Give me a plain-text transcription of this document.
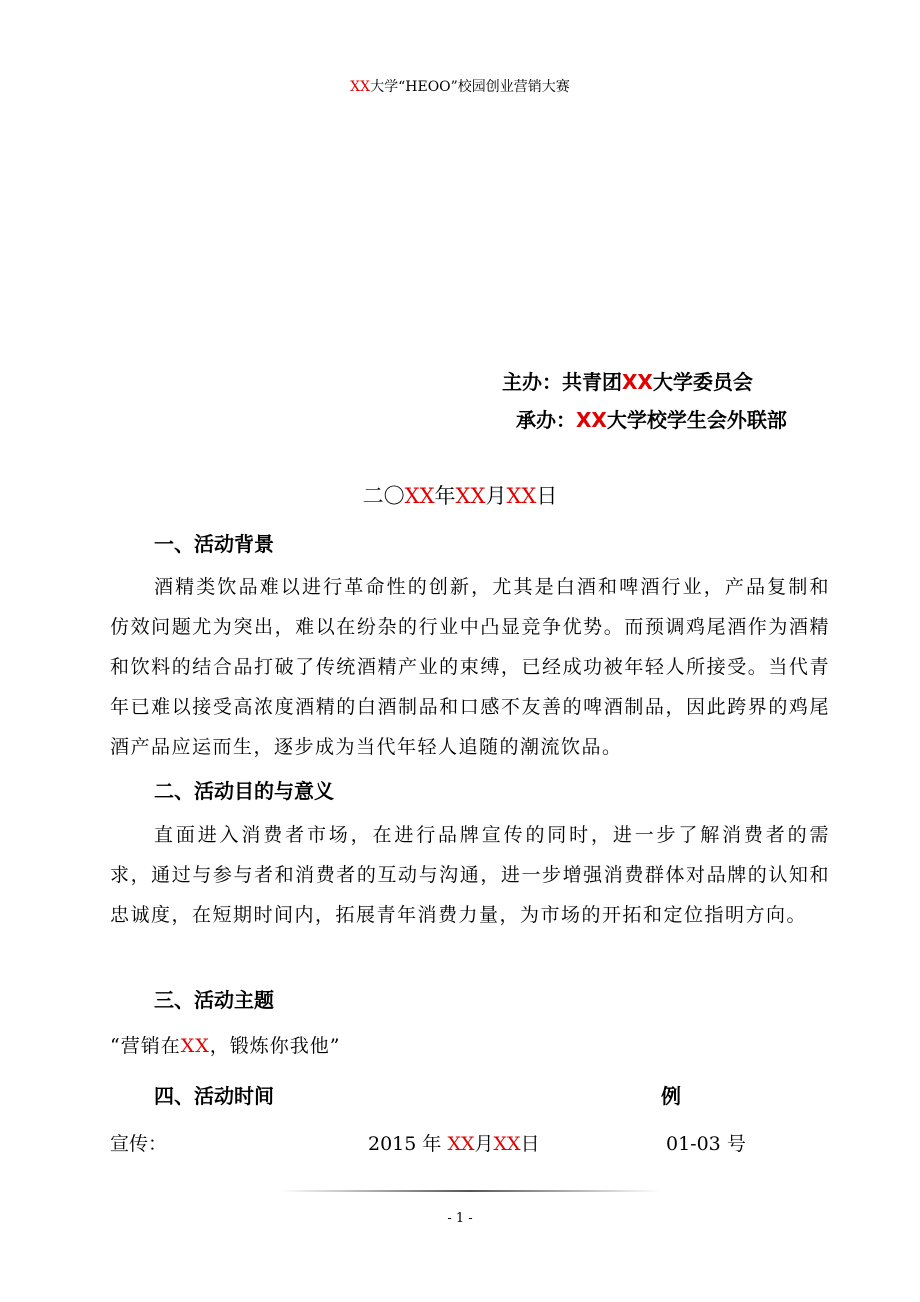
XX大学“HEOO”校园创业营销大赛
主办：共青团XX大学委员会
承办：XX大学校学生会外联部
二〇XX年XX月XX日
一、活动背景
酒精类饮品难以进行革命性的创新，尤其是白酒和啤酒行业，产品复制和仿效问题尤为突出，难以在纷杂的行业中凸显竞争优势。而预调鸡尾酒作为酒精和饮料的结合品打破了传统酒精产业的束缚，已经成功被年轻人所接受。当代青年已难以接受高浓度酒精的白酒制品和口感不友善的啤酒制品，因此跨界的鸡尾酒产品应运而生，逐步成为当代年轻人追随的潮流饮品。
二、活动目的与意义
直面进入消费者市场，在进行品牌宣传的同时，进一步了解消费者的需求，通过与参与者和消费者的互动与沟通，进一步增强消费群体对品牌的认知和忠诚度，在短期时间内，拓展青年消费力量，为市场的开拓和定位指明方向。
三、活动主题
“营销在XX，锻炼你我他”
四、活动时间	例
宣传：	2015 年 XX月XX日	01-03 号
- 1 -
